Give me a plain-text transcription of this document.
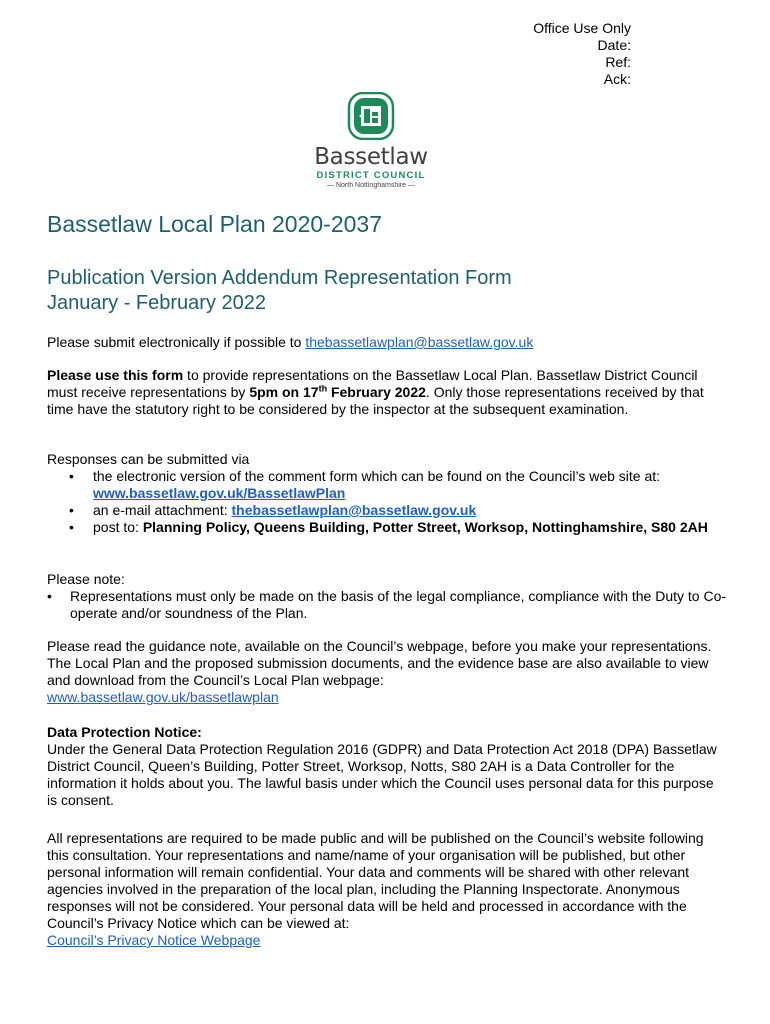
Office Use Only
Date:
Ref:
Ack:
Bassetlaw
DISTRICT COUNCIL
— North Nottinghamshire —
Bassetlaw Local Plan 2020-2037
Publication Version Addendum Representation Form
January - February 2022
Please submit electronically if possible to thebassetlawplan@bassetlaw.gov.uk
Please use this form to provide representations on the Bassetlaw Local Plan. Bassetlaw District Council must receive representations by 5pm on 17th February 2022. Only those representations received by that time have the statutory right to be considered by the inspector at the subsequent examination.
Responses can be submitted via
• the electronic version of the comment form which can be found on the Council’s web site at: www.bassetlaw.gov.uk/BassetlawPlan
• an e-mail attachment: thebassetlawplan@bassetlaw.gov.uk
• post to: Planning Policy, Queens Building, Potter Street, Worksop, Nottinghamshire, S80 2AH
Please note:
• Representations must only be made on the basis of the legal compliance, compliance with the Duty to Co-operate and/or soundness of the Plan.
Please read the guidance note, available on the Council’s webpage, before you make your representations. The Local Plan and the proposed submission documents, and the evidence base are also available to view and download from the Council’s Local Plan webpage:
www.bassetlaw.gov.uk/bassetlawplan
Data Protection Notice:
Under the General Data Protection Regulation 2016 (GDPR) and Data Protection Act 2018 (DPA) Bassetlaw District Council, Queen’s Building, Potter Street, Worksop, Notts, S80 2AH is a Data Controller for the information it holds about you. The lawful basis under which the Council uses personal data for this purpose is consent.
All representations are required to be made public and will be published on the Council’s website following this consultation. Your representations and name/name of your organisation will be published, but other personal information will remain confidential. Your data and comments will be shared with other relevant agencies involved in the preparation of the local plan, including the Planning Inspectorate. Anonymous responses will not be considered. Your personal data will be held and processed in accordance with the Council’s Privacy Notice which can be viewed at:
Council’s Privacy Notice Webpage
